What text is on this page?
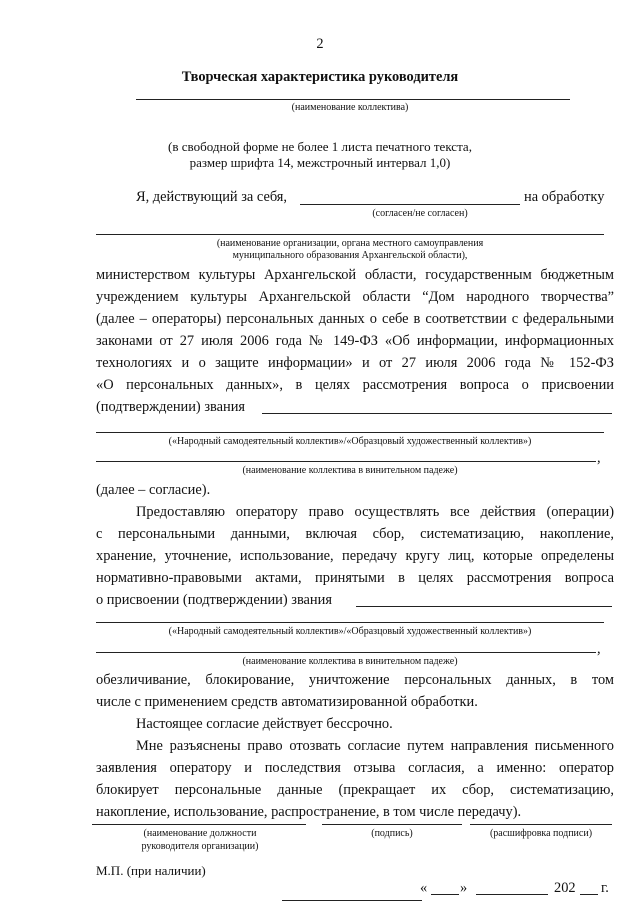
2
Творческая характеристика руководителя
(наименование коллектива)
(в свободной форме не более 1 листа печатного текста,
размер шрифта 14, межстрочный интервал 1,0)
Я, действующий за себя,	на обработку
(согласен/не согласен)
(наименование организации, органа местного самоуправления
муниципального образования Архангельской области),
министерством культуры Архангельской области, государственным бюджетным
учреждением культуры Архангельской области “Дом народного творчества”
(далее – операторы) персональных данных о себе в соответствии с федеральными
законами от 27 июля 2006 года № 149-ФЗ «Об информации, информационных
технологиях и о защите информации» и от 27 июля 2006 года № 152-ФЗ
«О персональных данных», в целях рассмотрения вопроса о присвоении
(подтверждении) звания
(«Народный самодеятельный коллектив»/«Образцовый художественный коллектив»)
,
(наименование коллектива в винительном падеже)
(далее – согласие).
Предоставляю оператору право осуществлять все действия (операции)
с персональными данными, включая сбор, систематизацию, накопление,
хранение, уточнение, использование, передачу кругу лиц, которые определены
нормативно-правовыми актами, принятыми в целях рассмотрения вопроса
о присвоении (подтверждении) звания
(«Народный самодеятельный коллектив»/«Образцовый художественный коллектив»)
,
(наименование коллектива в винительном падеже)
обезличивание, блокирование, уничтожение персональных данных, в том
числе с применением средств автоматизированной обработки.
Настоящее согласие действует бессрочно.
Мне разъяснены право отозвать согласие путем направления письменного
заявления оператору и последствия отзыва согласия, а именно: оператор
блокирует персональные данные (прекращает их сбор, систематизацию,
накопление, использование, распространение, в том числе передачу).
(наименование должности
руководителя организации)
(подпись)	(расшифровка подписи)
М.П. (при наличии)
« »	202 г.
